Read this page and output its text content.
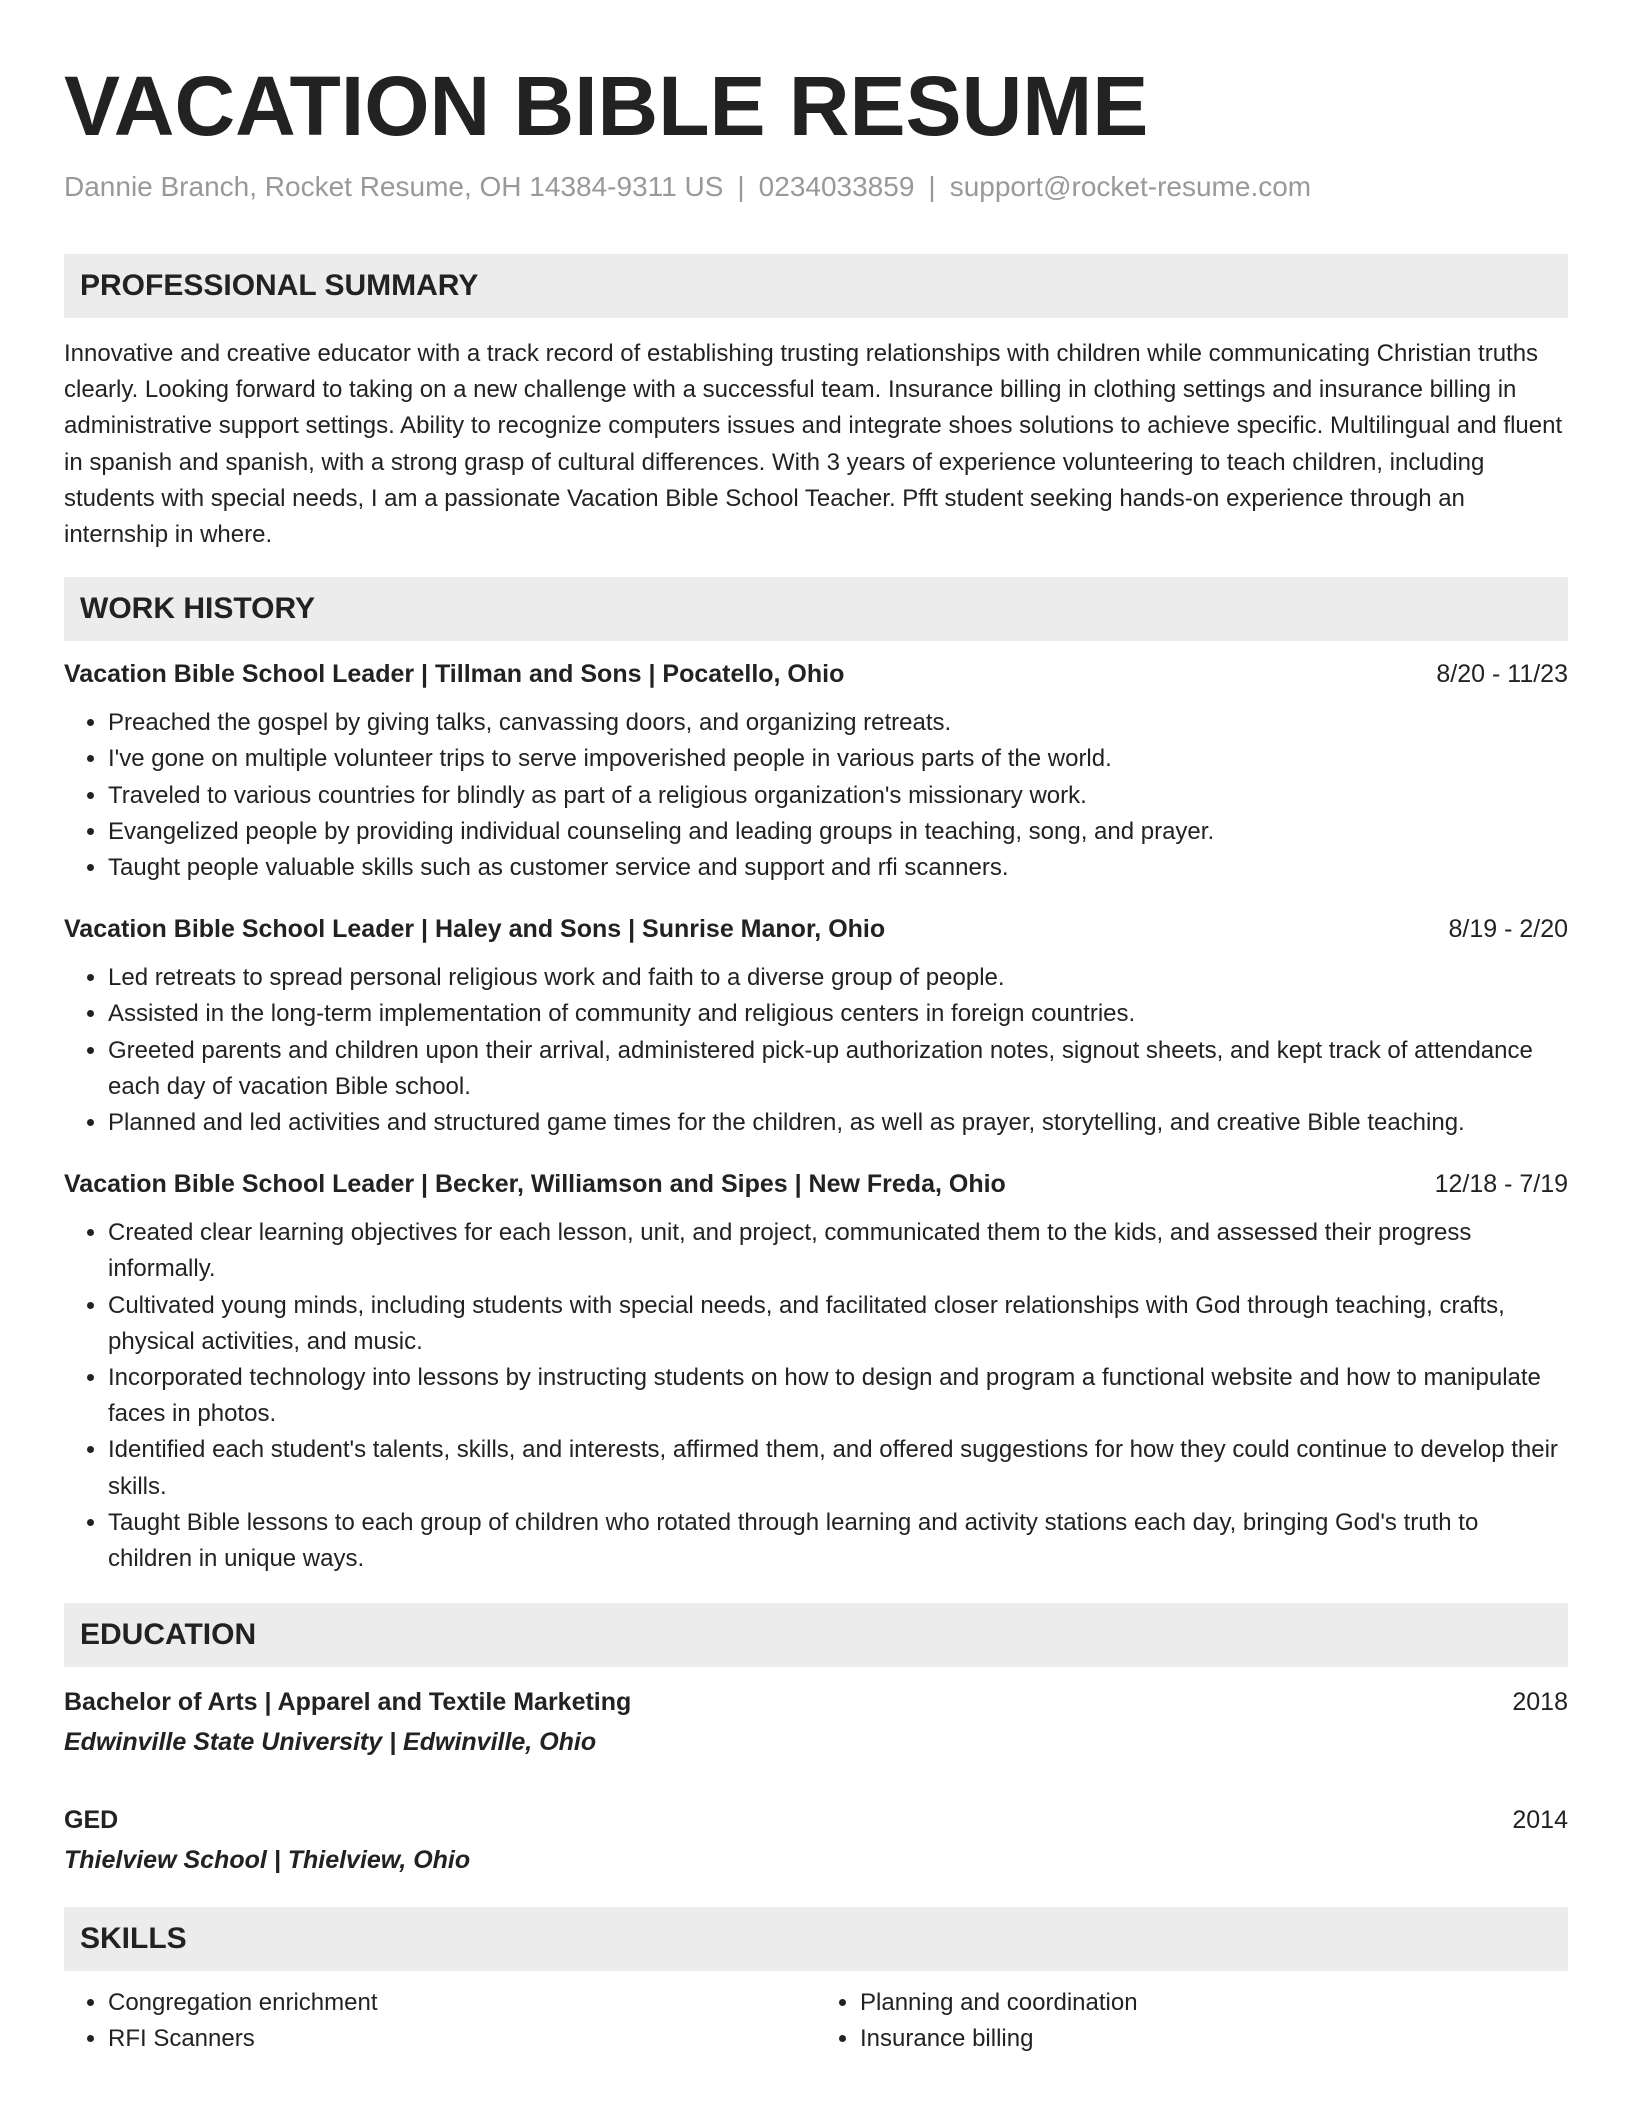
VACATION BIBLE RESUME
Dannie Branch, Rocket Resume, OH 14384-9311 US | 0234033859 | support@rocket-resume.com
PROFESSIONAL SUMMARY

Innovative and creative educator with a track record of establishing trusting relationships with children while communicating Christian truths clearly. Looking forward to taking on a new challenge with a successful team. Insurance billing in clothing settings and insurance billing in administrative support settings. Ability to recognize computers issues and integrate shoes solutions to achieve specific. Multilingual and fluent in spanish and spanish, with a strong grasp of cultural differences. With 3 years of experience volunteering to teach children, including students with special needs, I am a passionate Vacation Bible School Teacher. Pfft student seeking hands-on experience through an internship in where.

WORK HISTORY
Vacation Bible School Leader | Tillman and Sons | Pocatello, Ohio	8/20 - 11/23
• Preached the gospel by giving talks, canvassing doors, and organizing retreats.
• I've gone on multiple volunteer trips to serve impoverished people in various parts of the world.
• Traveled to various countries for blindly as part of a religious organization's missionary work.
• Evangelized people by providing individual counseling and leading groups in teaching, song, and prayer.
• Taught people valuable skills such as customer service and support and rfi scanners.
Vacation Bible School Leader | Haley and Sons | Sunrise Manor, Ohio	8/19 - 2/20
• Led retreats to spread personal religious work and faith to a diverse group of people.
• Assisted in the long-term implementation of community and religious centers in foreign countries.
• Greeted parents and children upon their arrival, administered pick-up authorization notes, signout sheets, and kept track of attendance each day of vacation Bible school.
• Planned and led activities and structured game times for the children, as well as prayer, storytelling, and creative Bible teaching.
Vacation Bible School Leader | Becker, Williamson and Sipes | New Freda, Ohio	12/18 - 7/19
• Created clear learning objectives for each lesson, unit, and project, communicated them to the kids, and assessed their progress informally.
• Cultivated young minds, including students with special needs, and facilitated closer relationships with God through teaching, crafts, physical activities, and music.
• Incorporated technology into lessons by instructing students on how to design and program a functional website and how to manipulate faces in photos.
• Identified each student's talents, skills, and interests, affirmed them, and offered suggestions for how they could continue to develop their skills.
• Taught Bible lessons to each group of children who rotated through learning and activity stations each day, bringing God's truth to children in unique ways.
EDUCATION
Bachelor of Arts | Apparel and Textile Marketing	2018
Edwinville State University | Edwinville, Ohio
GED	2014
Thielview School | Thielview, Ohio
SKILLS
• Congregation enrichment
• RFI Scanners
• Planning and coordination
• Insurance billing
